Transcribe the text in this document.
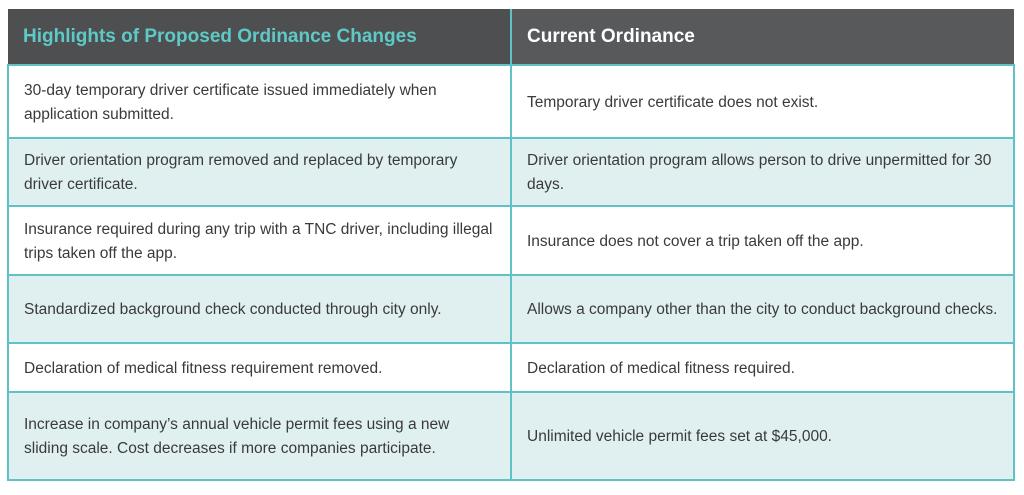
Highlights of Proposed Ordinance Changes	Current Ordinance
30-day temporary driver certificate issued immediately when application submitted.	Temporary driver certificate does not exist.
Driver orientation program removed and replaced by temporary driver certificate.	Driver orientation program allows person to drive unpermitted for 30 days.
Insurance required during any trip with a TNC driver, including illegal trips taken off the app.	Insurance does not cover a trip taken off the app.
Standardized background check conducted through city only.	Allows a company other than the city to conduct background checks.
Declaration of medical fitness requirement removed.	Declaration of medical fitness required.
Increase in company’s annual vehicle permit fees using a new sliding scale. Cost decreases if more companies participate.	Unlimited vehicle permit fees set at $45,000.
